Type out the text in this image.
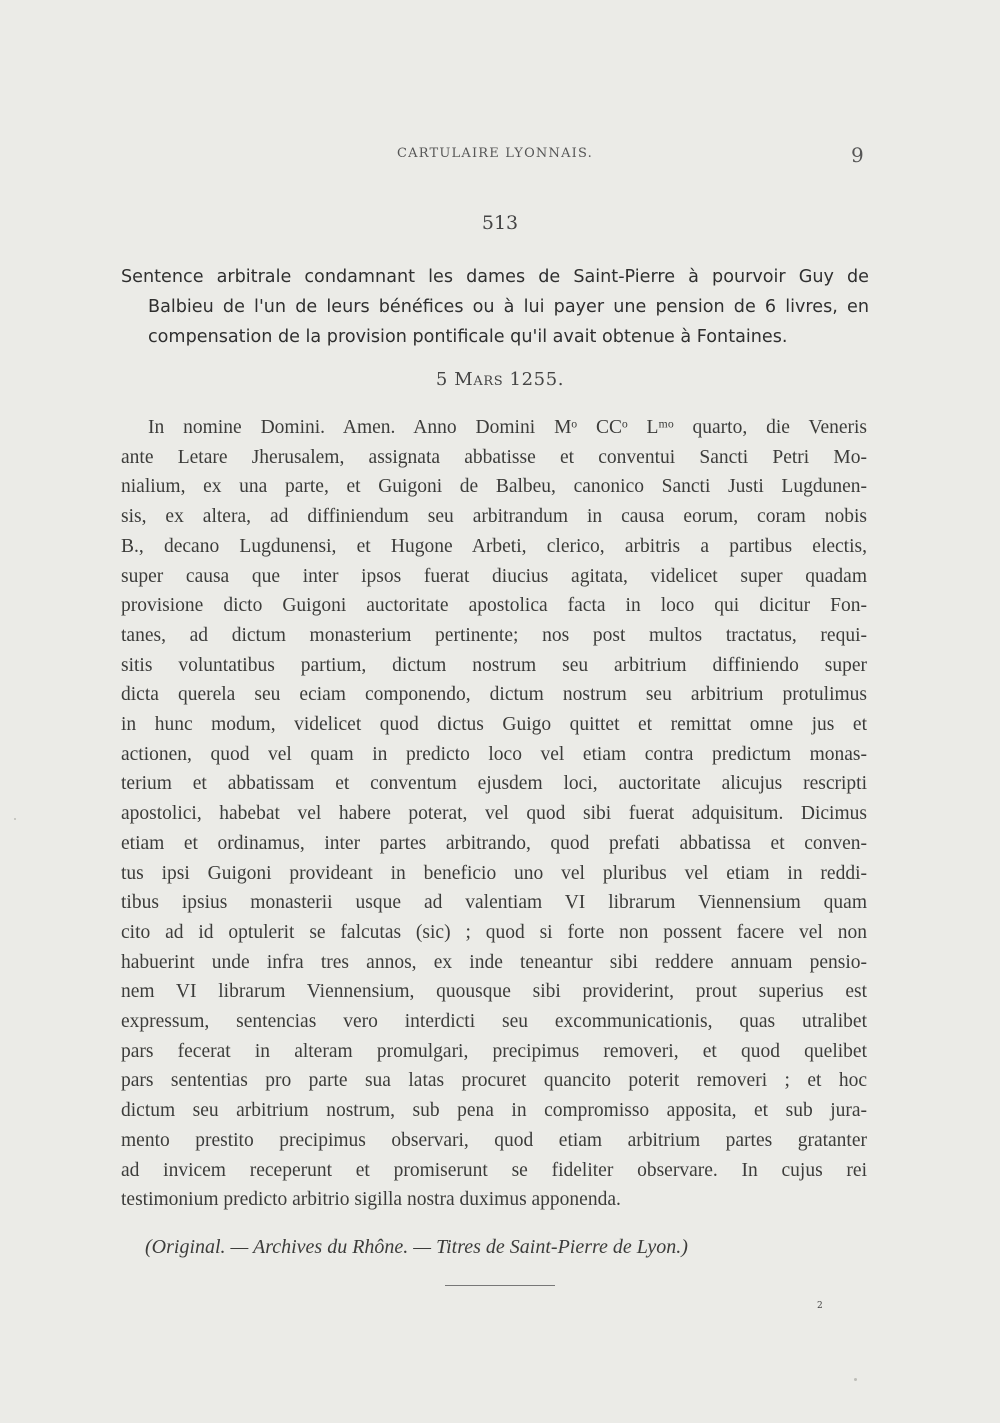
CARTULAIRE LYONNAIS.	9
513
Sentence arbitrale condamnant les dames de Saint-Pierre à pourvoir Guy de
Balbieu de l'un de leurs bénéfices ou à lui payer une pension de 6 livres, en
compensation de la provision pontificale qu'il avait obtenue à Fontaines.
5 Mars 1255.
In nomine Domini. Amen. Anno Domini Mᵒ CCᵒ Lᵐᵒ quarto, die Veneris
ante Letare Jherusalem, assignata abbatisse et conventui Sancti Petri Mo-
nialium, ex una parte, et Guigoni de Balbeu, canonico Sancti Justi Lugdunen-
sis, ex altera, ad diffiniendum seu arbitrandum in causa eorum, coram nobis
B., decano Lugdunensi, et Hugone Arbeti, clerico, arbitris a partibus electis,
super causa que inter ipsos fuerat diucius agitata, videlicet super quadam
provisione dicto Guigoni auctoritate apostolica facta in loco qui dicitur Fon-
tanes, ad dictum monasterium pertinente; nos post multos tractatus, requi-
sitis voluntatibus partium, dictum nostrum seu arbitrium diffiniendo super
dicta querela seu eciam componendo, dictum nostrum seu arbitrium protulimus
in hunc modum, videlicet quod dictus Guigo quittet et remittat omne jus et
actionen, quod vel quam in predicto loco vel etiam contra predictum monas-
terium et abbatissam et conventum ejusdem loci, auctoritate alicujus rescripti
apostolici, habebat vel habere poterat, vel quod sibi fuerat adquisitum. Dicimus
etiam et ordinamus, inter partes arbitrando, quod prefati abbatissa et conven-
tus ipsi Guigoni provideant in beneficio uno vel pluribus vel etiam in reddi-
tibus ipsius monasterii usque ad valentiam VI librarum Viennensium quam
cito ad id optulerit se falcutas (sic) ; quod si forte non possent facere vel non
habuerint unde infra tres annos, ex inde teneantur sibi reddere annuam pensio-
nem VI librarum Viennensium, quousque sibi providerint, prout superius est
expressum, sentencias vero interdicti seu excommunicationis, quas utralibet
pars fecerat in alteram promulgari, precipimus removeri, et quod quelibet
pars sententias pro parte sua latas procuret quancito poterit removeri ; et hoc
dictum seu arbitrium nostrum, sub pena in compromisso apposita, et sub jura-
mento prestito precipimus observari, quod etiam arbitrium partes gratanter
ad invicem receperunt et promiserunt se fideliter observare. In cujus rei
testimonium predicto arbitrio sigilla nostra duximus apponenda.
(Original. — Archives du Rhône. — Titres de Saint-Pierre de Lyon.)
2
